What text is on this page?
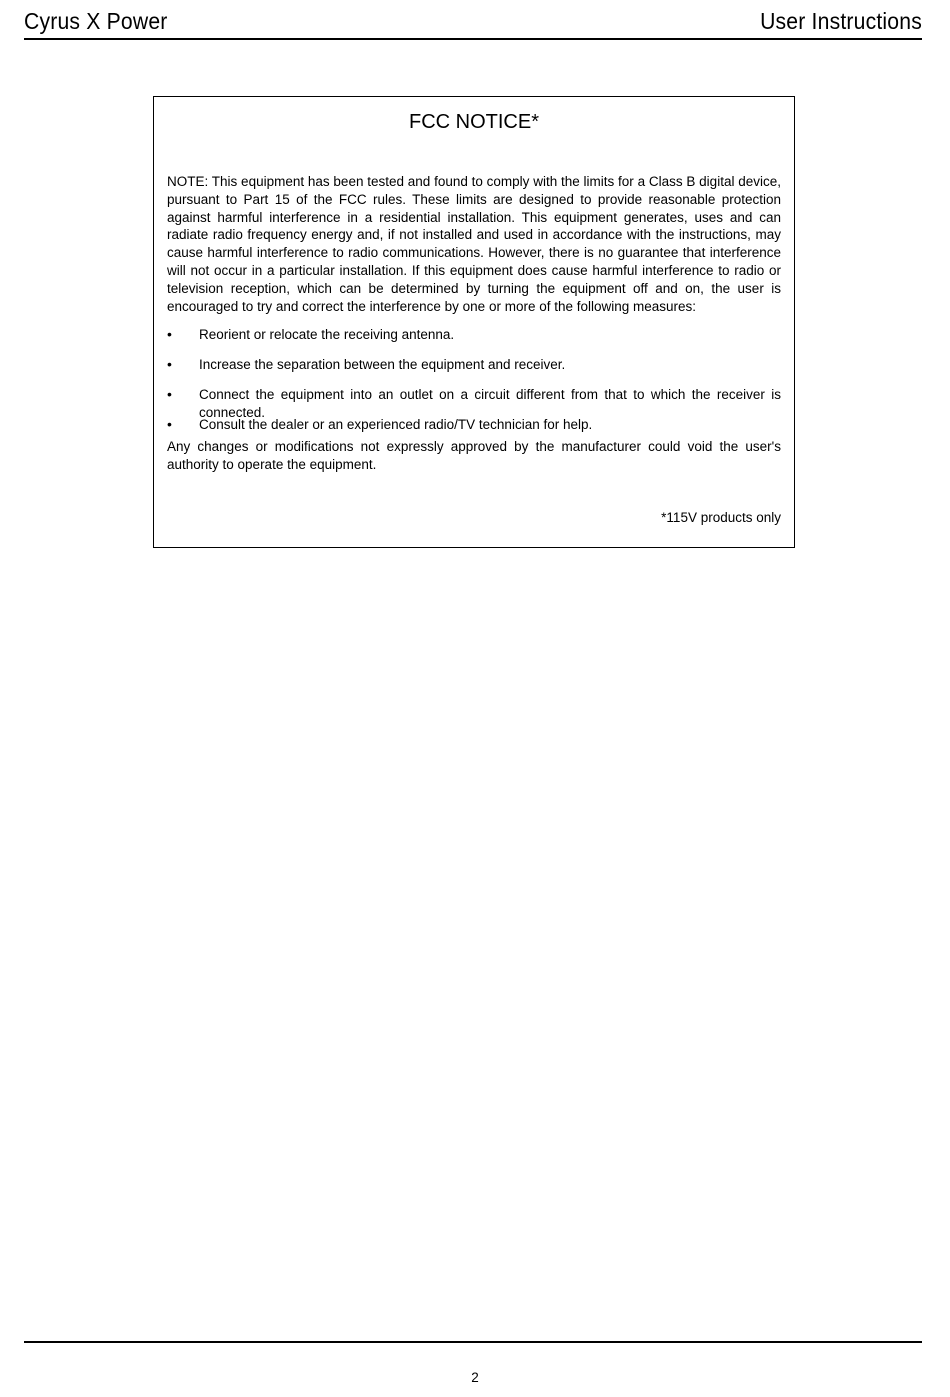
Cyrus X Power	User Instructions
FCC NOTICE*

NOTE: This equipment has been tested and found to comply with the limits for a Class B digital device, pursuant to Part 15 of the FCC rules. These limits are designed to provide reasonable protection against harmful interference in a residential installation. This equipment generates, uses and can radiate radio frequency energy and, if not installed and used in accordance with the instructions, may cause harmful interference to radio communications. However, there is no guarantee that interference will not occur in a particular installation. If this equipment does cause harmful interference to radio or television reception, which can be determined by turning the equipment off and on, the user is encouraged to try and correct the interference by one or more of the following measures:

• Reorient or relocate the receiving antenna.
• Increase the separation between the equipment and receiver.
• Connect the equipment into an outlet on a circuit different from that to which the receiver is connected.
• Consult the dealer or an experienced radio/TV technician for help.

Any changes or modifications not expressly approved by the manufacturer could void the user's authority to operate the equipment.

*115V products only
2
